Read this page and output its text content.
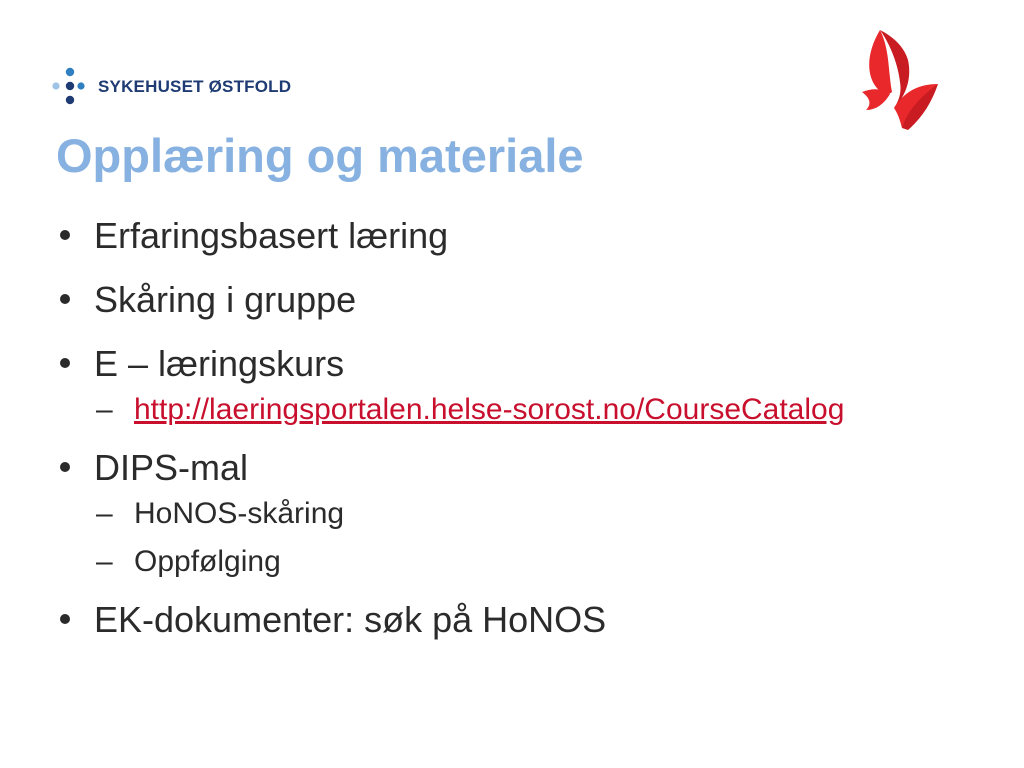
SYKEHUSET ØSTFOLD
Opplæring og materiale
Erfaringsbasert læring
Skåring i gruppe
E – læringskurs
– http://laeringsportalen.helse-sorost.no/CourseCatalog
DIPS-mal
– HoNOS-skåring
– Oppfølging
EK-dokumenter: søk på HoNOS
